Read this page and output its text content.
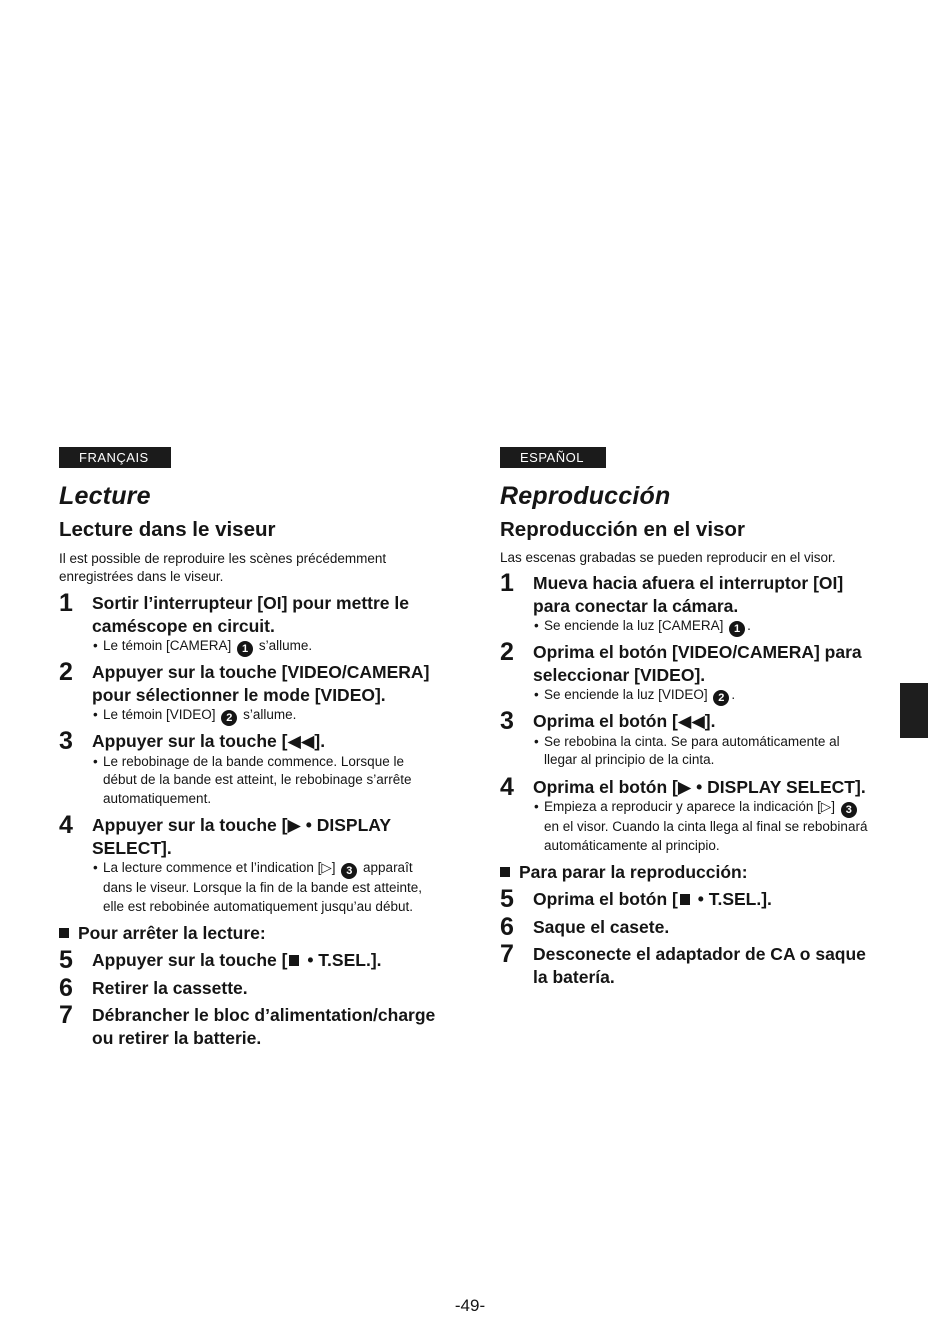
FRANÇAIS
Lecture
Lecture dans le viseur
Il est possible de reproduire les scènes précédemment enregistrées dans le viseur.
1 Sortir l’interrupteur [OI] pour mettre le caméscope en circuit.
• Le témoin [CAMERA] 1 s’allume.
2 Appuyer sur la touche [VIDEO/CAMERA] pour sélectionner le mode [VIDEO].
• Le témoin [VIDEO] 2 s’allume.
3 Appuyer sur la touche [◀◀].
• Le rebobinage de la bande commence. Lorsque le début de la bande est atteint, le rebobinage s’arrête automatiquement.
4 Appuyer sur la touche [▶ • DISPLAY SELECT].
• La lecture commence et l’indication [▷] 3 apparaît dans le viseur. Lorsque la fin de la bande est atteinte, elle est rebobinée automatiquement jusqu’au début.
Pour arrêter la lecture:
5 Appuyer sur la touche [ • T.SEL.].
6 Retirer la cassette.
7 Débrancher le bloc d’alimentation/charge ou retirer la batterie.
ESPAÑOL
Reproducción
Reproducción en el visor
Las escenas grabadas se pueden reproducir en el visor.
1 Mueva hacia afuera el interruptor [OI] para conectar la cámara.
• Se enciende la luz [CAMERA] 1 .
2 Oprima el botón [VIDEO/CAMERA] para seleccionar [VIDEO].
• Se enciende la luz [VIDEO] 2 .
3 Oprima el botón [◀◀].
• Se rebobina la cinta. Se para automáticamente al llegar al principio de la cinta.
4 Oprima el botón [▶ • DISPLAY SELECT].
• Empieza a reproducir y aparece la indicación [▷] 3 en el visor. Cuando la cinta llega al final se rebobinará automáticamente al principio.
Para parar la reproducción:
5 Oprima el botón [ • T.SEL.].
6 Saque el casete.
7 Desconecte el adaptador de CA o saque la batería.
-49-
